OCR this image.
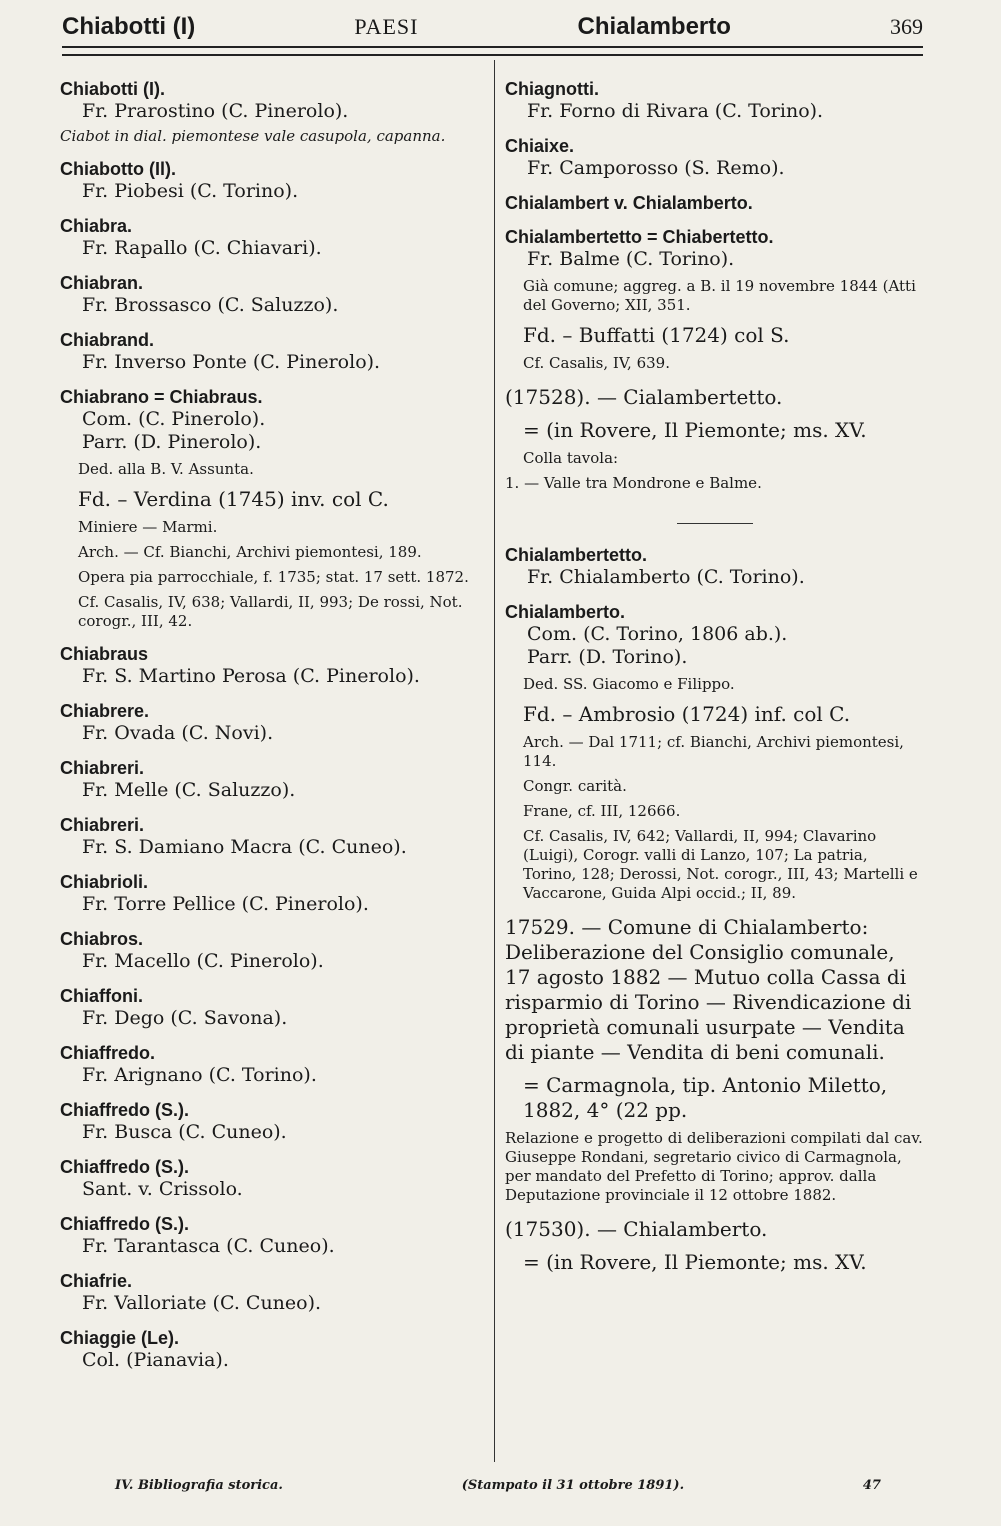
Chiabotti (I)	PAESI	Chialamberto	369
Chiabotti (I).
Fr. Prarostino (C. Pinerolo).
Ciabot in dial. piemontese vale casupola, capanna.
Chiabotto (Il).
Fr. Piobesi (C. Torino).
Chiabra.
Fr. Rapallo (C. Chiavari).
Chiabran.
Fr. Brossasco (C. Saluzzo).
Chiabrand.
Fr. Inverso Ponte (C. Pinerolo).
Chiabrano = Chiabraus.
Com. (C. Pinerolo).
Parr. (D. Pinerolo).
Ded. alla B. V. Assunta.
Fd. – Verdina (1745) inv. col C.
Miniere — Marmi.
Arch. — Cf. Bianchi, Archivi piemontesi, 189.
Opera pia parrocchiale, f. 1735; stat. 17 sett. 1872.
Cf. Casalis, IV, 638; Vallardi, II, 993; De rossi, Not. corogr., III, 42.
Chiabraus
Fr. S. Martino Perosa (C. Pinerolo).
Chiabrere.
Fr. Ovada (C. Novi).
Chiabreri.
Fr. Melle (C. Saluzzo).
Chiabreri.
Fr. S. Damiano Macra (C. Cuneo).
Chiabrioli.
Fr. Torre Pellice (C. Pinerolo).
Chiabros.
Fr. Macello (C. Pinerolo).
Chiaffoni.
Fr. Dego (C. Savona).
Chiaffredo.
Fr. Arignano (C. Torino).
Chiaffredo (S.).
Fr. Busca (C. Cuneo).
Chiaffredo (S.).
Sant. v. Crissolo.
Chiaffredo (S.).
Fr. Tarantasca (C. Cuneo).
Chiafrie.
Fr. Valloriate (C. Cuneo).
Chiaggie (Le).
Col. (Pianavia).
Chiagnotti.
Fr. Forno di Rivara (C. Torino).
Chiaixe.
Fr. Camporosso (S. Remo).
Chialambert v. Chialamberto.
Chialambertetto = Chiabertetto.
Fr. Balme (C. Torino).
Già comune; aggreg. a B. il 19 novembre 1844 (Atti del Governo; XII, 351.
Fd. – Buffatti (1724) col S.
Cf. Casalis, IV, 639.
(17528). — Cialambertetto.
= (in Rovere, Il Piemonte; ms. XV.
Colla tavola:
1. — Valle tra Mondrone e Balme.
Chialambertetto.
Fr. Chialamberto (C. Torino).
Chialamberto.
Com. (C. Torino, 1806 ab.).
Parr. (D. Torino).
Ded. SS. Giacomo e Filippo.
Fd. – Ambrosio (1724) inf. col C.
Arch. — Dal 1711; cf. Bianchi, Archivi piemontesi, 114.
Congr. carità.
Frane, cf. III, 12666.
Cf. Casalis, IV, 642; Vallardi, II, 994; Clavarino (Luigi), Corogr. valli di Lanzo, 107; La patria, Torino, 128; Derossi, Not. corogr., III, 43; Martelli e Vaccarone, Guida Alpi occid.; II, 89.
17529. — Comune di Chialamberto: Deliberazione del Consiglio comunale, 17 agosto 1882 — Mutuo colla Cassa di risparmio di Torino — Rivendicazione di proprietà comunali usurpate — Vendita di piante — Vendita di beni comunali.
= Carmagnola, tip. Antonio Miletto, 1882, 4° (22 pp.
Relazione e progetto di deliberazioni compilati dal cav. Giuseppe Rondani, segretario civico di Carmagnola, per mandato del Prefetto di Torino; approv. dalla Deputazione provinciale il 12 ottobre 1882.
(17530). — Chialamberto.
= (in Rovere, Il Piemonte; ms. XV.
IV. Bibliografia storica.	(Stampato il 31 ottobre 1891).	47
